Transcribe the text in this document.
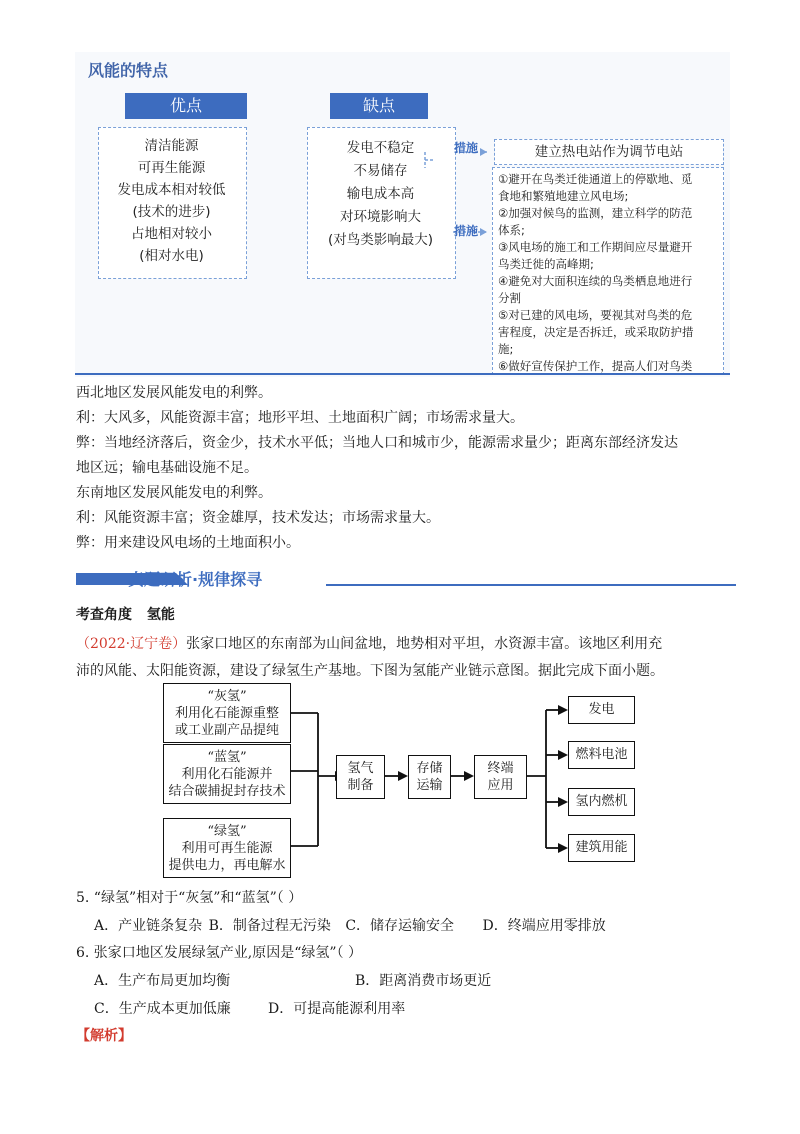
风能的特点
优点	缺点
清洁能源
可再生能源
发电成本相对较低
(技术的进步)
占地相对较小
(相对水电)
发电不稳定
不易储存
输电成本高
对环境影响大
(对鸟类影响最大)
措施
措施
建立热电站作为调节电站
①避开在鸟类迁徙通道上的停歇地、觅
食地和繁殖地建立风电场;
②加强对候鸟的监测，建立科学的防范
体系;
③风电场的施工和工作期间应尽量避开
鸟类迁徙的高峰期;
④避免对大面积连续的鸟类栖息地进行
分割
⑤对已建的风电场，要视其对鸟类的危
害程度，决定是否拆迁，或采取防护措
施;
⑥做好宣传保护工作，提高人们对鸟类
西北地区发展风能发电的利弊。
利：大风多，风能资源丰富；地形平坦、土地面积广阔；市场需求量大。
弊：当地经济落后，资金少，技术水平低；当地人口和城市少，能源需求量少；距离东部经济发达
地区远；输电基础设施不足。
东南地区发展风能发电的利弊。
利：风能资源丰富；资金雄厚，技术发达；市场需求量大。
弊：用来建设风电场的土地面积小。
真题研析·规律探寻
考查角度 氢能
（2022·辽宁卷）张家口地区的东南部为山间盆地，地势相对平坦，水资源丰富。该地区利用充
沛的风能、太阳能资源，建设了绿氢生产基地。下图为氢能产业链示意图。据此完成下面小题。
“灰氢”
利用化石能源重整
或工业副产品提纯
“蓝氢”
利用化石能源并
结合碳捕捉封存技术
“绿氢”
利用可再生能源
提供电力，再电解水
氢气
制备
存储
运输
终端
应用
发电
燃料电池
氢内燃机
建筑用能
5. “绿氢”相对于“灰氢”和“蓝氢”（ ）
A．产业链条复杂 B．制备过程无污染 C．储存运输安全 D．终端应用零排放
6. 张家口地区发展绿氢产业,原因是“绿氢”（ ）
A．生产布局更加均衡	B．距离消费市场更近
C．生产成本更加低廉	D．可提高能源利用率
【解析】
